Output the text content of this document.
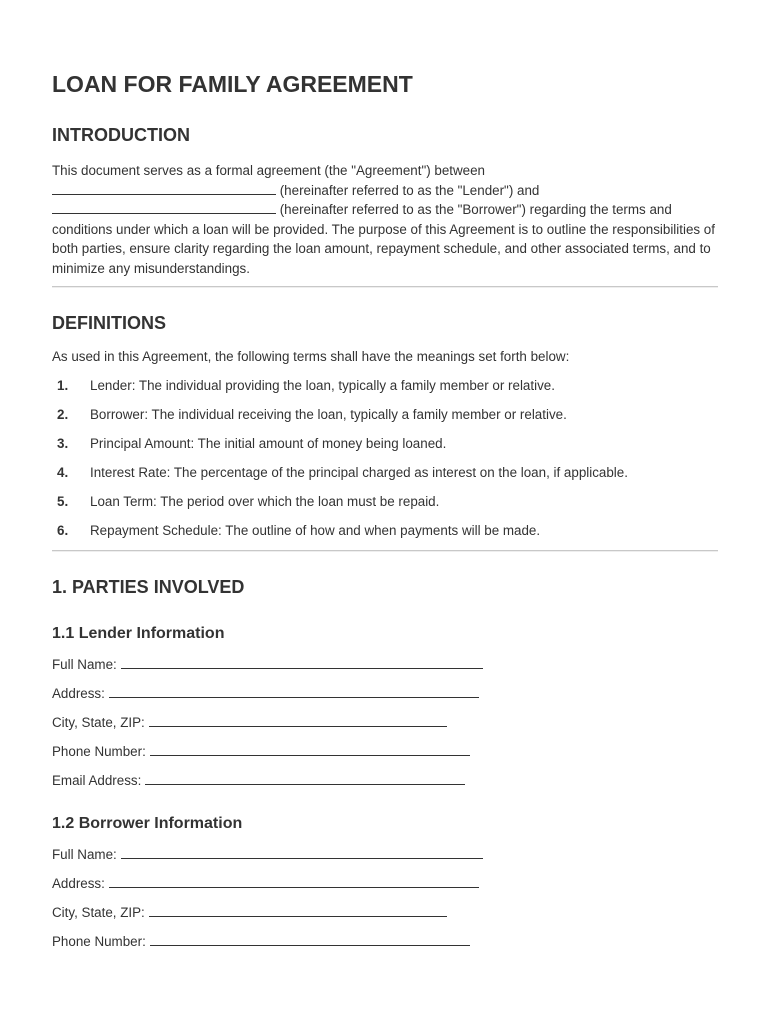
LOAN FOR FAMILY AGREEMENT
INTRODUCTION

This document serves as a formal agreement (the "Agreement") between
(hereinafter referred to as the "Lender") and
(hereinafter referred to as the "Borrower") regarding the terms and conditions under which a loan will be provided. The purpose of this Agreement is to outline the responsibilities of both parties, ensure clarity regarding the loan amount, repayment schedule, and other associated terms, and to minimize any misunderstandings.

DEFINITIONS

As used in this Agreement, the following terms shall have the meanings set forth below:

1. Lender: The individual providing the loan, typically a family member or relative.
2. Borrower: The individual receiving the loan, typically a family member or relative.
3. Principal Amount: The initial amount of money being loaned.
4. Interest Rate: The percentage of the principal charged as interest on the loan, if applicable.
5. Loan Term: The period over which the loan must be repaid.
6. Repayment Schedule: The outline of how and when payments will be made.
1. PARTIES INVOLVED
1.1 Lender Information
Full Name:
Address:
City, State, ZIP:
Phone Number:
Email Address:
1.2 Borrower Information
Full Name:
Address:
City, State, ZIP:
Phone Number:
